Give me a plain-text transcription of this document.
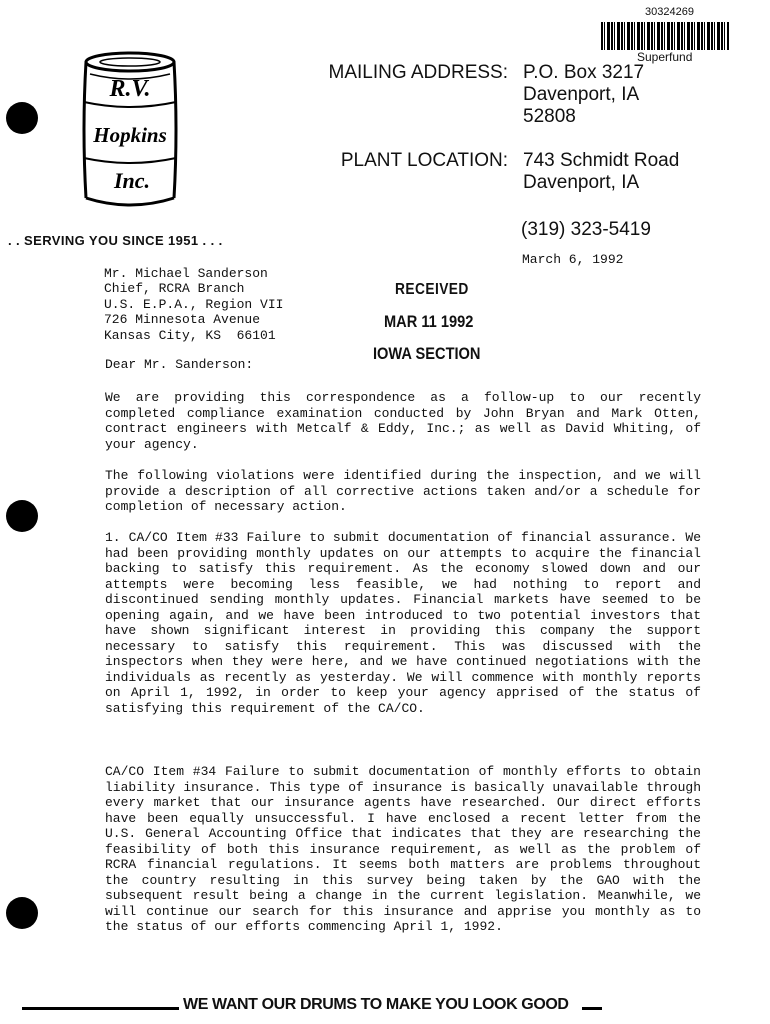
30324269
Superfund
R.V.
Hopkins
Inc.
. . SERVING YOU SINCE 1951 . . .
MAILING ADDRESS: P.O. Box 3217
Davenport, IA
52808
PLANT LOCATION: 743 Schmidt Road
Davenport, IA
(319) 323-5419
March 6, 1992
Mr. Michael Sanderson
Chief, RCRA Branch
U.S. E.P.A., Region VII
726 Minnesota Avenue
Kansas City, KS  66101
RECEIVED
MAR 11 1992
IOWA SECTION
Dear Mr. Sanderson:
We are providing this correspondence as a follow-up to our recently completed compliance examination conducted by John Bryan and Mark Otten, contract engineers with Metcalf & Eddy, Inc.; as well as David Whiting, of your agency.
The following violations were identified during the inspection, and we will provide a description of all corrective actions taken and/or a schedule for completion of necessary action.
1. CA/CO Item #33 Failure to submit documentation of financial assurance. We had been providing monthly updates on our attempts to acquire the financial backing to satisfy this requirement. As the economy slowed down and our attempts were becoming less feasible, we had nothing to report and discontinued sending monthly updates. Financial markets have seemed to be opening again, and we have been introduced to two potential investors that have shown significant interest in providing this company the support necessary to satisfy this requirement. This was discussed with the inspectors when they were here, and we have continued negotiations with the individuals as recently as yesterday. We will commence with monthly reports on April 1, 1992, in order to keep your agency apprised of the status of satisfying this requirement of the CA/CO.
CA/CO Item #34 Failure to submit documentation of monthly efforts to obtain liability insurance. This type of insurance is basically unavailable through every market that our insurance agents have researched. Our direct efforts have been equally unsuccessful. I have enclosed a recent letter from the U.S. General Accounting Office that indicates that they are researching the feasibility of both this insurance requirement, as well as the problem of RCRA financial regulations. It seems both matters are problems throughout the country resulting in this survey being taken by the GAO with the subsequent result being a change in the current legislation. Meanwhile, we will continue our search for this insurance and apprise you monthly as to the status of our efforts commencing April 1, 1992.
WE WANT OUR DRUMS TO MAKE YOU LOOK GOOD
